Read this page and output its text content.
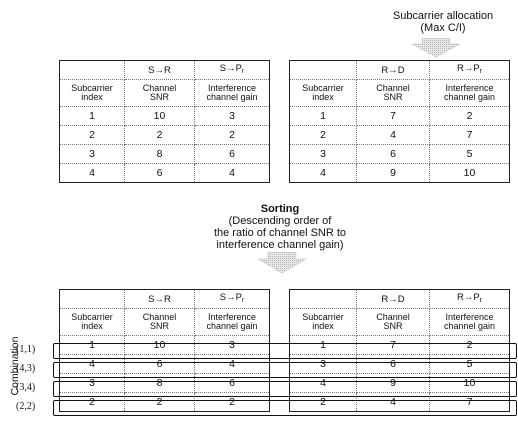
Subcarrier allocation
(Max C/I)
	S→R	$S\to P_r$
Subcarrier
index	Channel
SNR	Interference
channel gain
1	10	3
2	2	2
3	8	6
4	6	4
	R→D	$R\to P_r$
Subcarrier
index	Channel
SNR	Interference
channel gain
1	7	2
2	4	7
3	6	5
4	9	10
Sorting
(Descending order of
the ratio of channel SNR to
interference channel gain)
	S→R	$S\to P_r$
Subcarrier
index	Channel
SNR	Interference
channel gain
1	10	3
4	6	4
3	8	6
2	2	2
	R→D	$R\to P_r$
Subcarrier
index	Channel
SNR	Interference
channel gain
1	7	2
3	6	5
4	9	10
2	4	7
Combination
(1,1)
(4,3)
(3,4)
(2,2)
